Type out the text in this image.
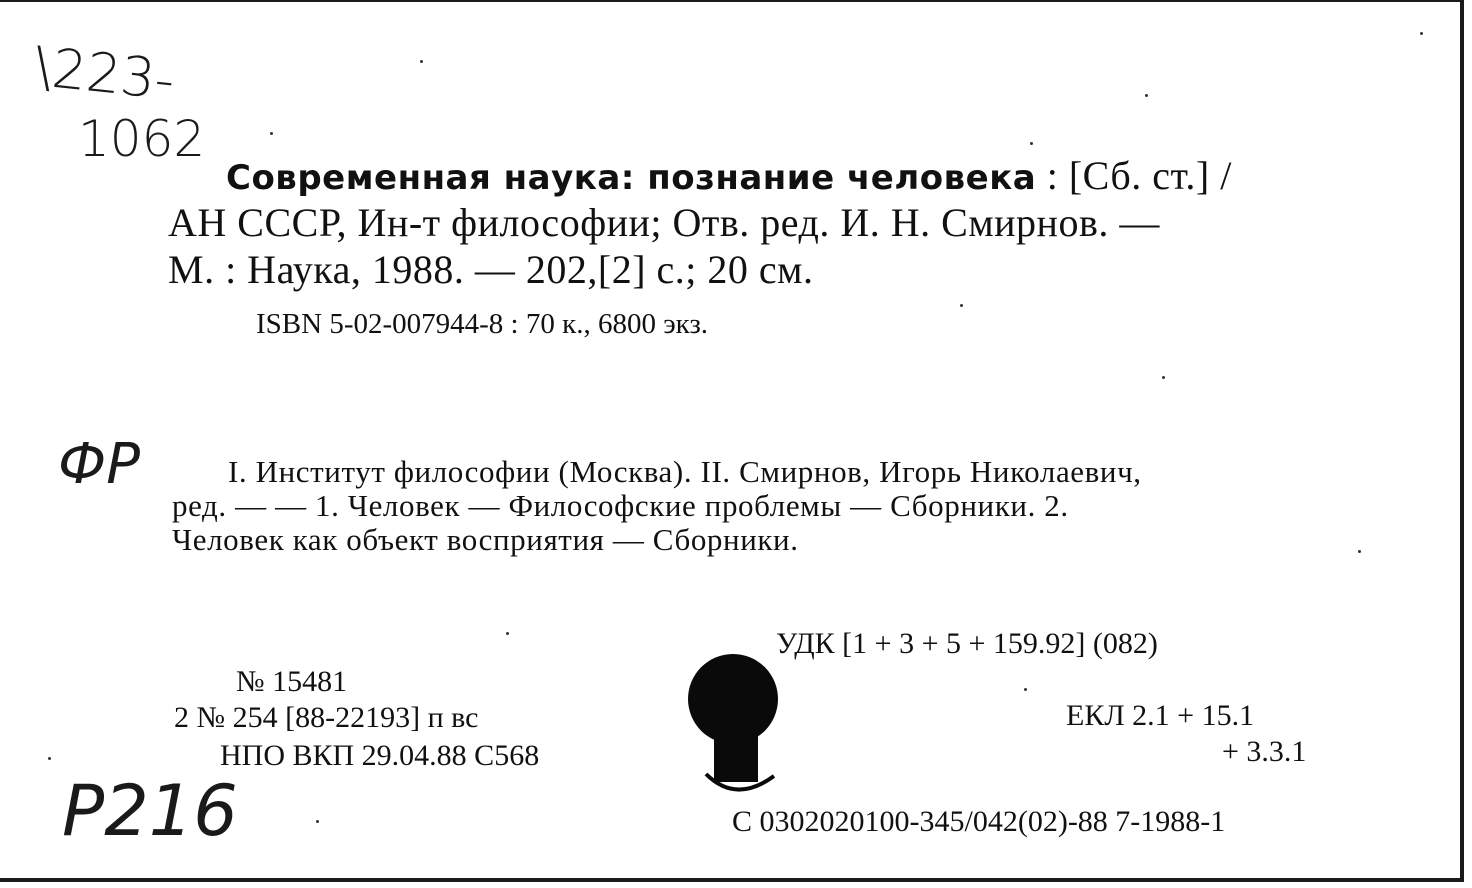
\223-
1062
ФP
P216
Современная наука: познание человека : [Сб. ст.] /
АН СССР, Ин-т философии; Отв. ред. И. Н. Смирнов. —
М. : Наука, 1988. — 202,[2] с.; 20 см.
ISBN 5-02-007944-8 : 70 к., 6800 экз.
I. Институт философии (Москва). II. Смирнов, Игорь Николаевич,
ред. — — 1. Человек — Философские проблемы — Сборники. 2.
Человек как объект восприятия — Сборники.
УДК [1 + 3 + 5 + 159.92] (082)
№ 15481
2 № 254 [88-22193] п вс
НПО ВКП 29.04.88 С568
ЕКЛ 2.1 + 15.1
+ 3.3.1
С 0302020100-345/042(02)-88 7-1988-1
